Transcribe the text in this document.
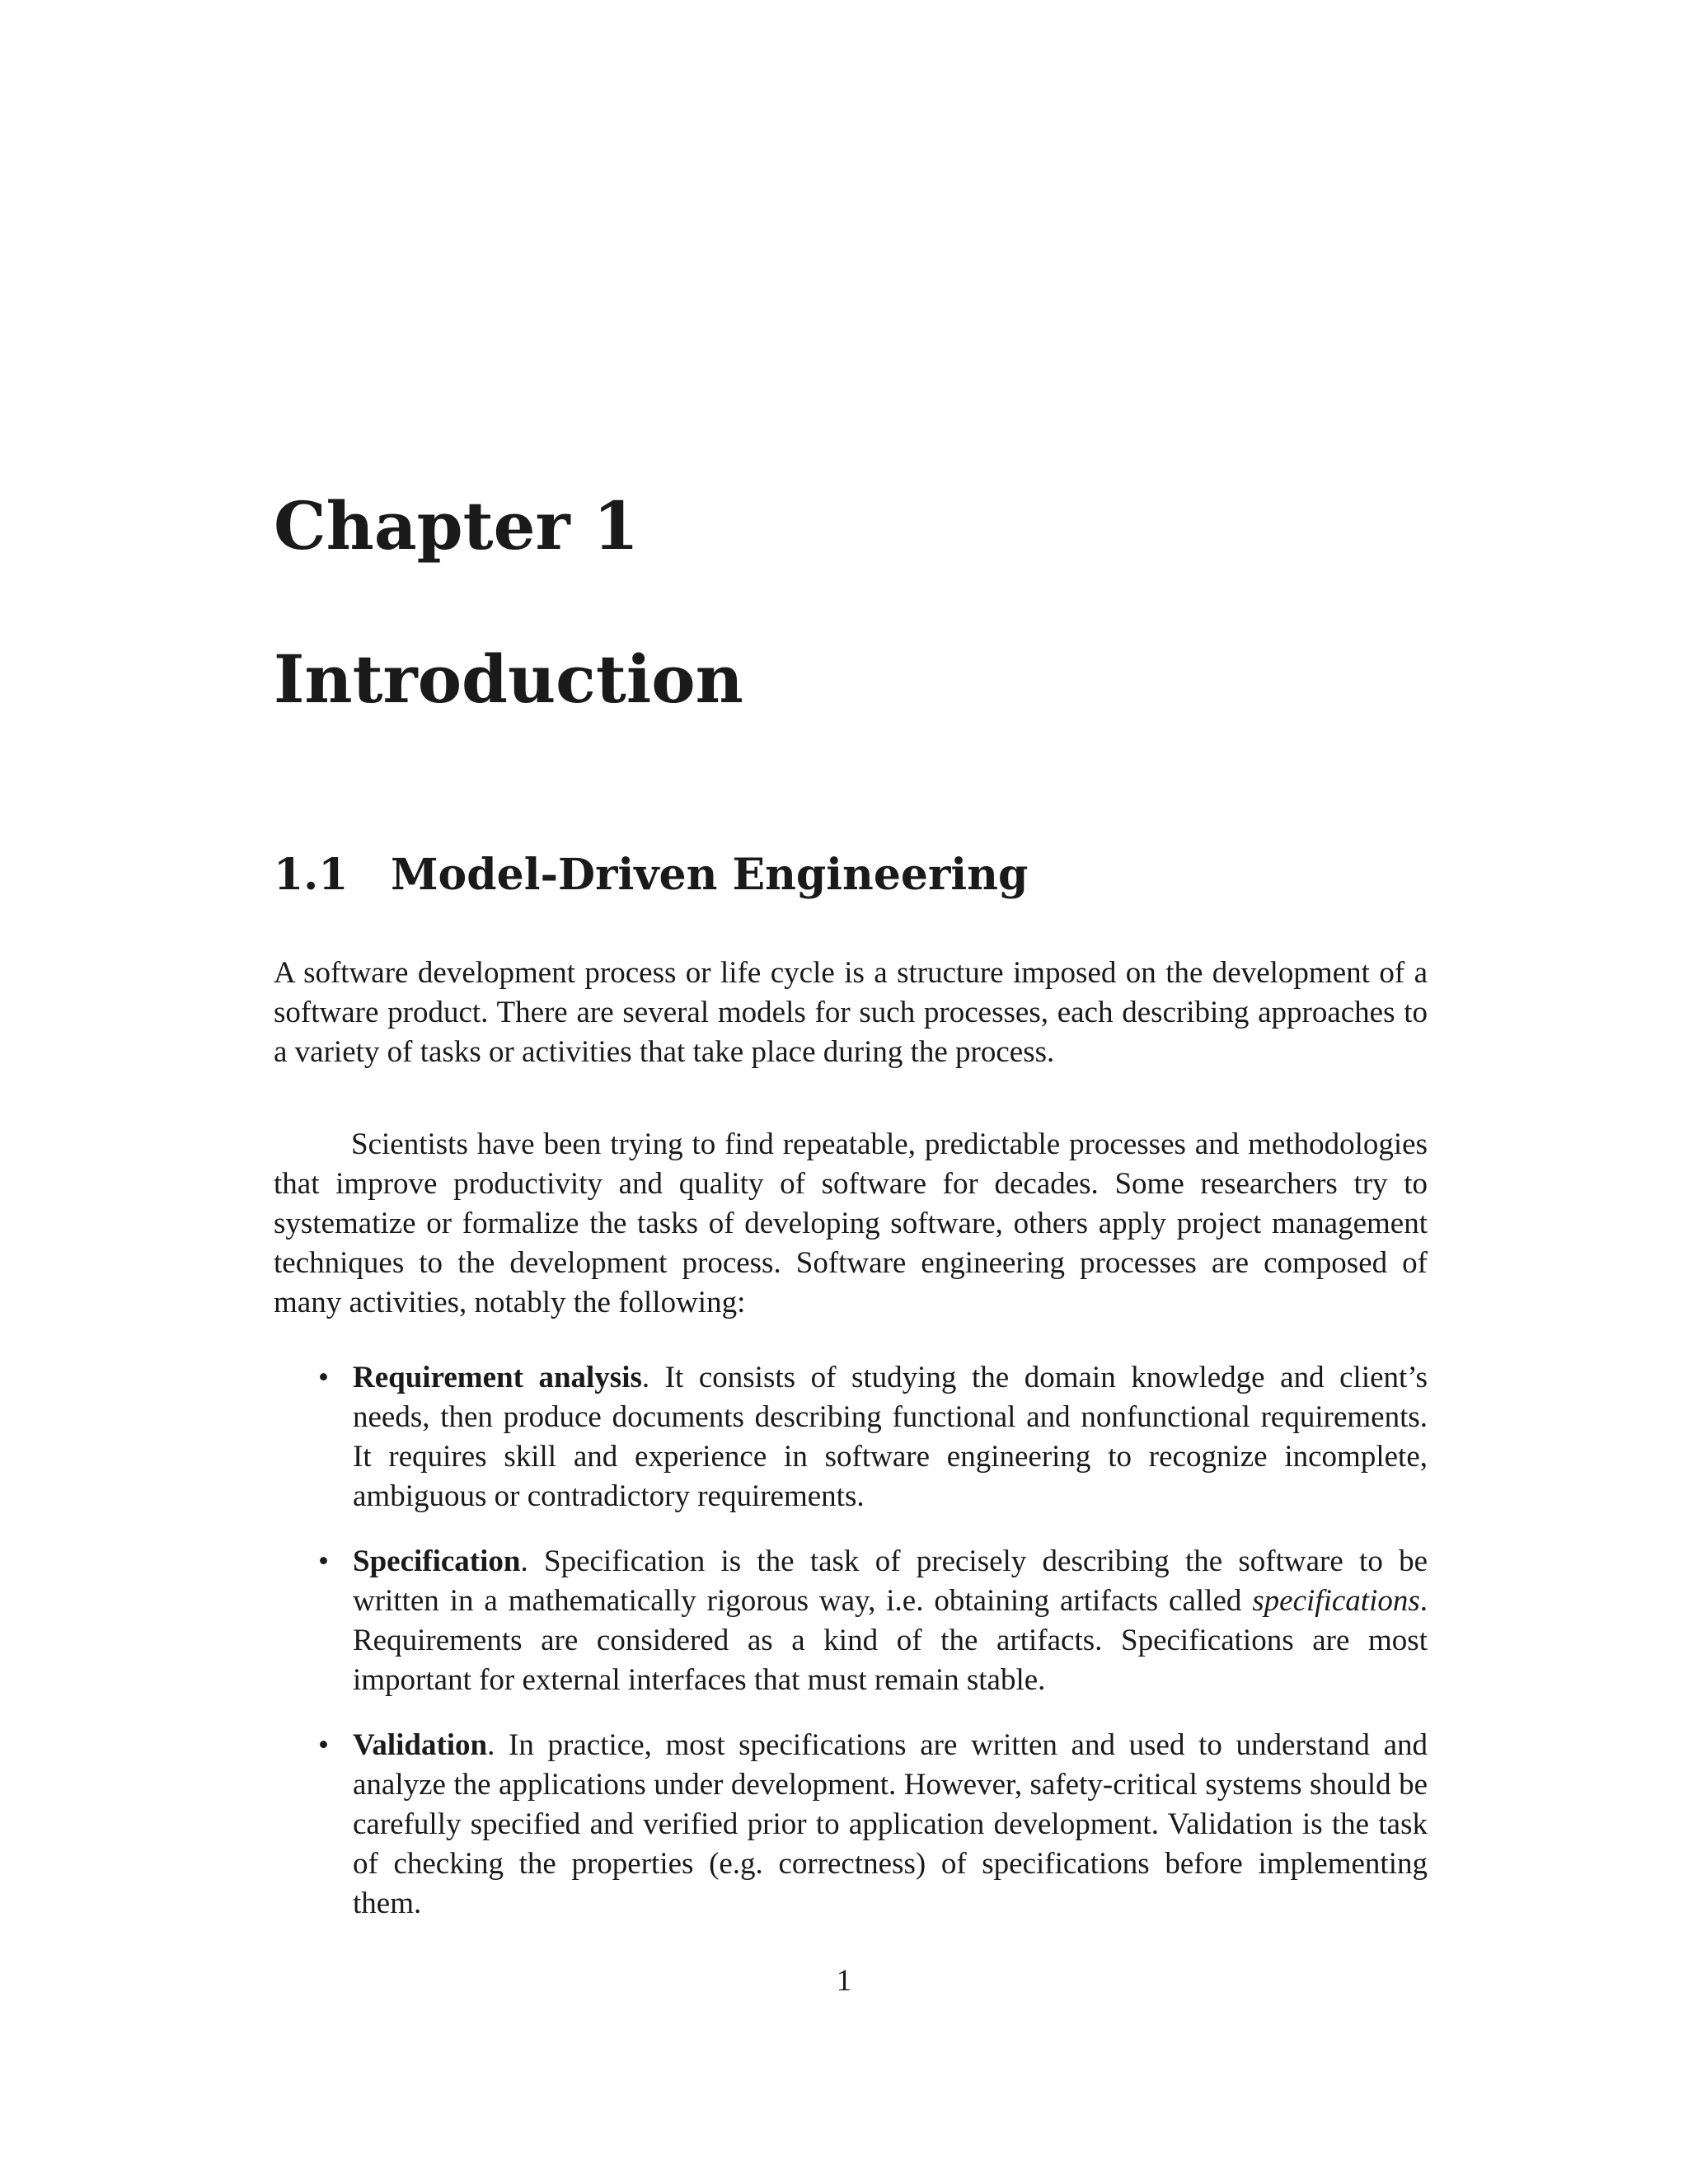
Chapter 1
Introduction
1.1 Model-Driven Engineering

A software development process or life cycle is a structure imposed on the development of a software product. There are several models for such processes, each describing approaches to a variety of tasks or activities that take place during the process.

Scientists have been trying to find repeatable, predictable processes and methodologies that improve productivity and quality of software for decades. Some researchers try to systematize or formalize the tasks of developing software, others apply project management techniques to the development process. Software engineering processes are composed of many activities, notably the following:

• Requirement analysis. It consists of studying the domain knowledge and client’s needs, then produce documents describing functional and nonfunctional requirements. It requires skill and experience in software engineering to recognize incomplete, ambiguous or contradictory requirements.
• Specification. Specification is the task of precisely describing the software to be written in a mathematically rigorous way, i.e. obtaining artifacts called specifications. Requirements are considered as a kind of the artifacts. Specifications are most important for external interfaces that must remain stable.
• Validation. In practice, most specifications are written and used to understand and analyze the applications under development. However, safety-critical systems should be carefully specified and verified prior to application development. Validation is the task of checking the properties (e.g. correctness) of specifications before implementing them.

1
